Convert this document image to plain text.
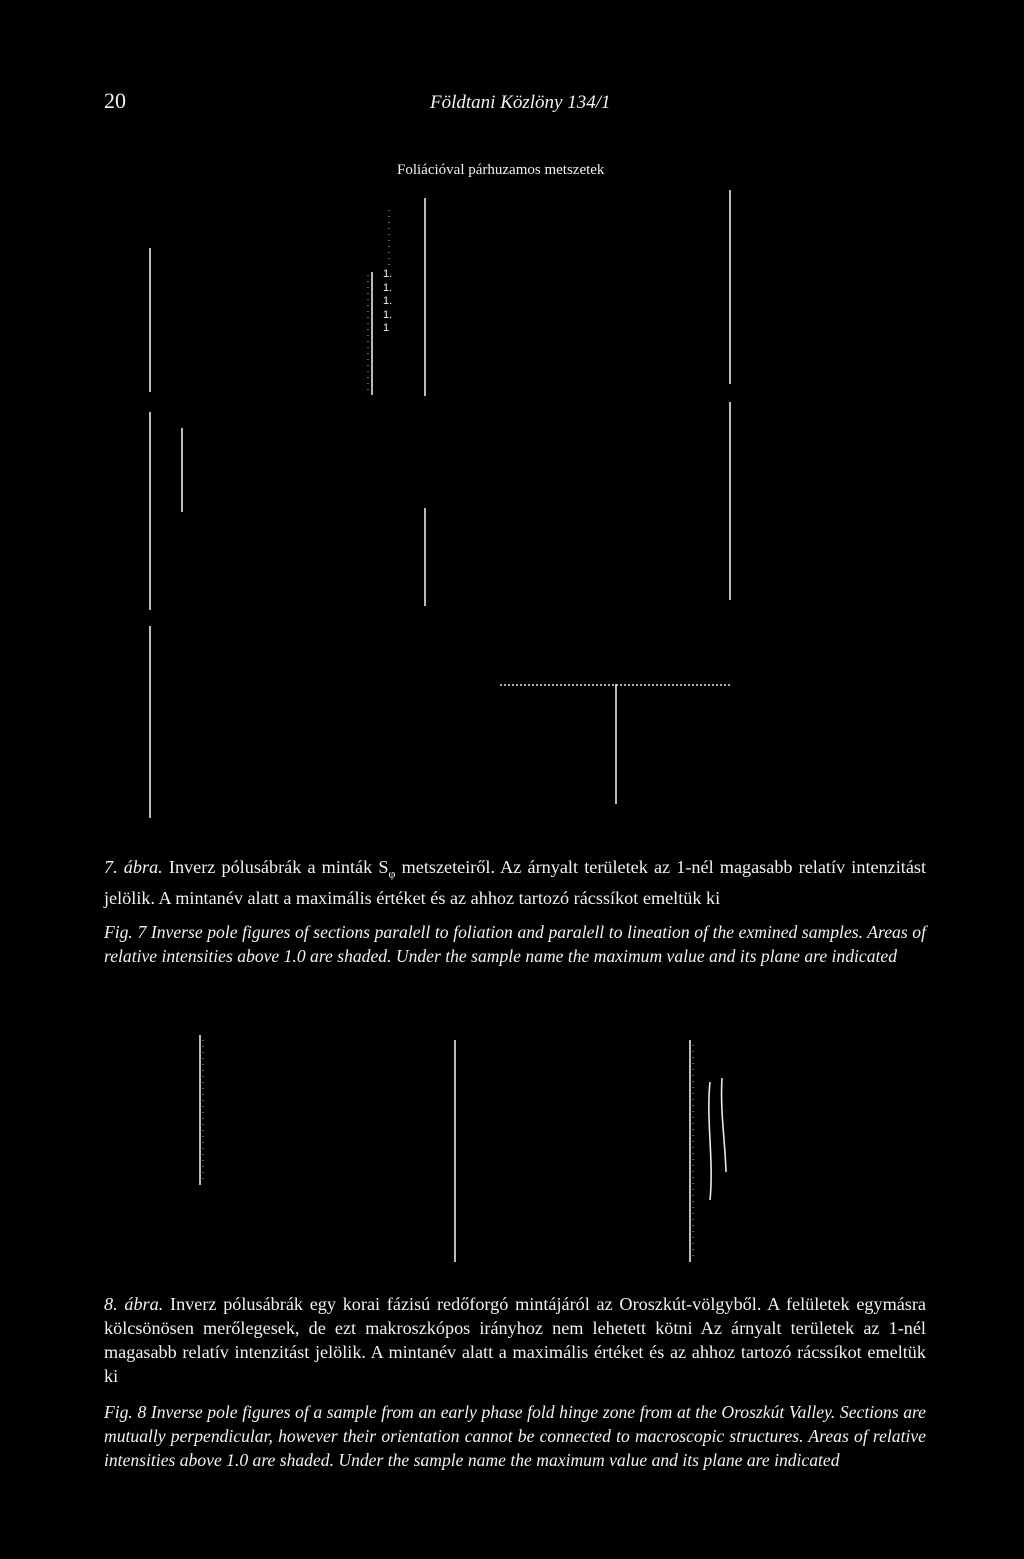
20	Földtani Közlöny 134/1
Foliációval párhuzamos metszetek
1.
1.
1.
1.
1
7. ábra. Inverz pólusábrák a minták $S_\varphi$ metszeteiről. Az árnyalt területek az 1-nél magasabb relatív intenzitást jelölik. A mintanév alatt a maximális értéket és az ahhoz tartozó rácssíkot emeltük ki
Fig. 7 Inverse pole figures of sections paralell to foliation and paralell to lineation of the exmined samples. Areas of relative intensities above 1.0 are shaded. Under the sample name the maximum value and its plane are indicated
8. ábra. Inverz pólusábrák egy korai fázisú redőforgó mintájáról az Oroszkút-völgyből. A felületek egymásra kölcsönösen merőlegesek, de ezt makroszkópos irányhoz nem lehetett kötni Az árnyalt területek az 1-nél magasabb relatív intenzitást jelölik. A mintanév alatt a maximális értéket és az ahhoz tartozó rácssíkot emeltük ki
Fig. 8 Inverse pole figures of a sample from an early phase fold hinge zone from at the Oroszkút Valley. Sections are mutually perpendicular, however their orientation cannot be connected to macroscopic structures. Areas of relative intensities above 1.0 are shaded. Under the sample name the maximum value and its plane are indicated
